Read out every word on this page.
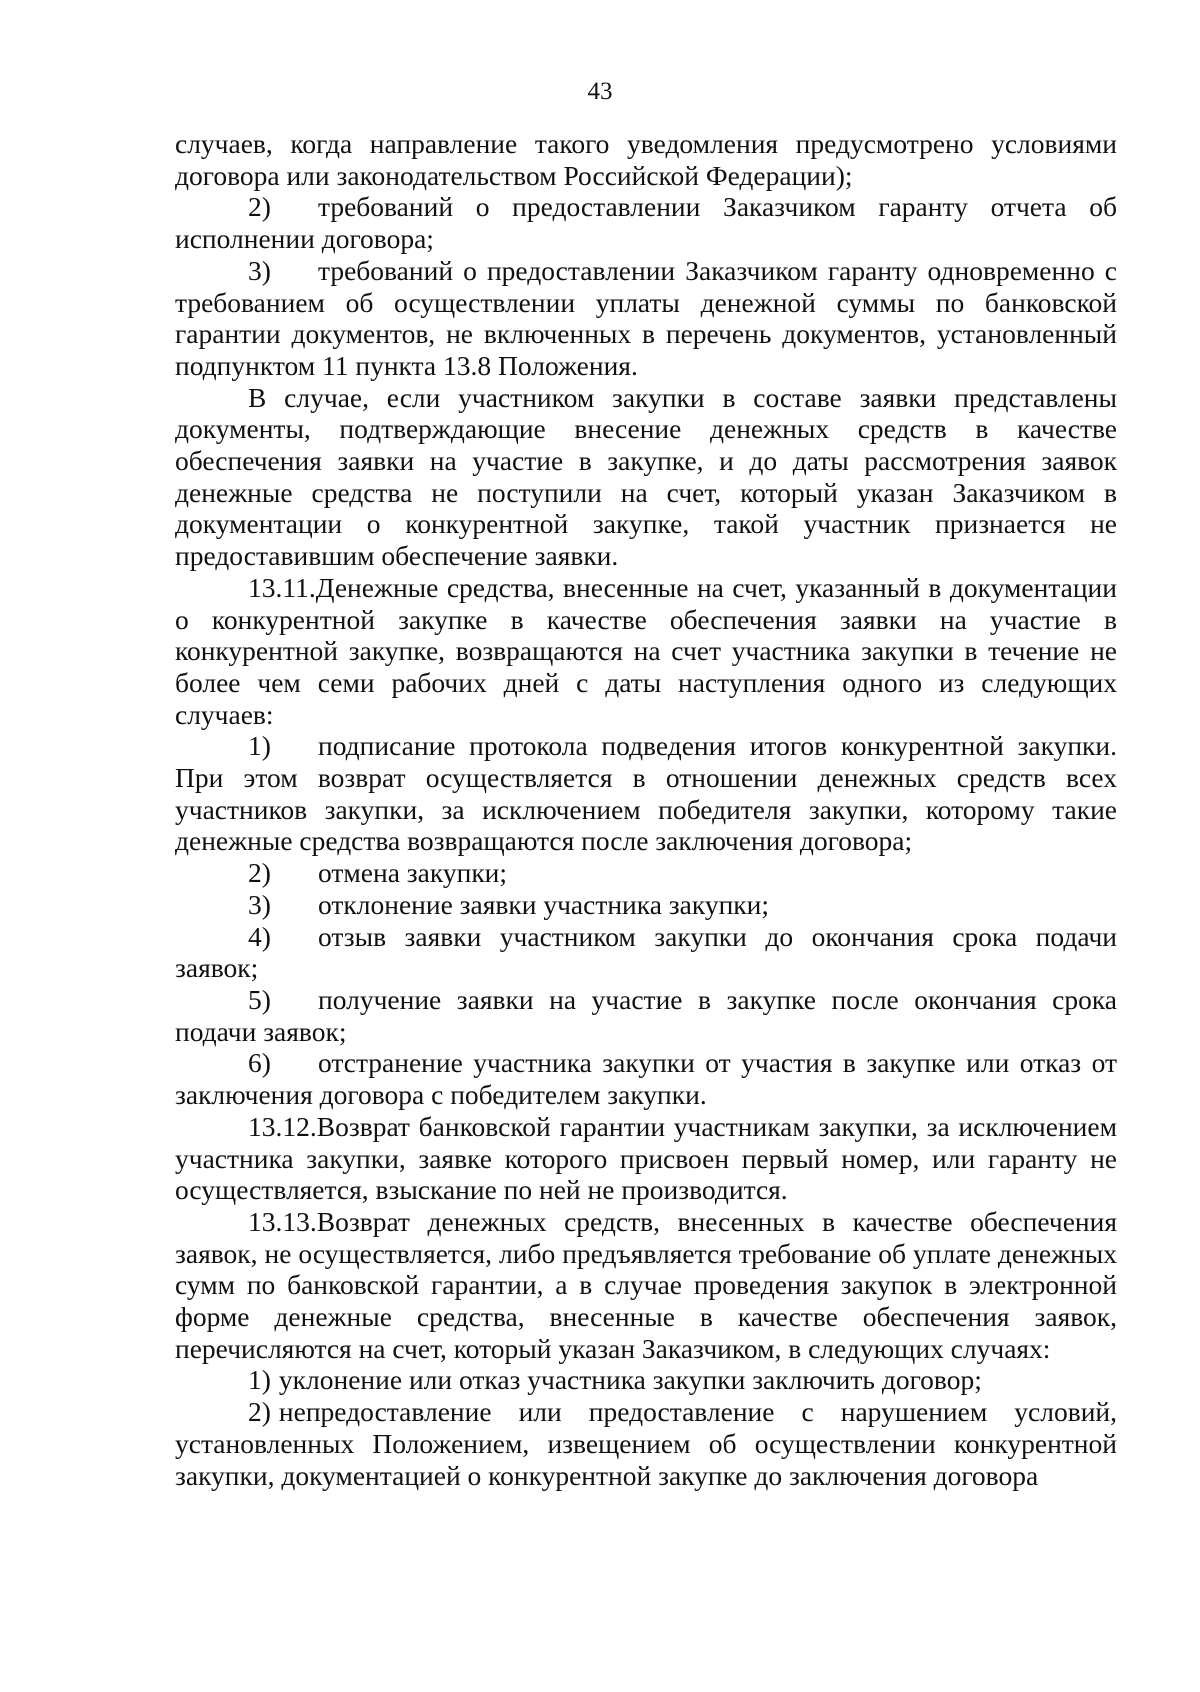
43

случаев, когда направление такого уведомления предусмотрено условиями договора или законодательством Российской Федерации);

2) требований о предоставлении Заказчиком гаранту отчета об исполнении договора;

3) требований о предоставлении Заказчиком гаранту одновременно с требованием об осуществлении уплаты денежной суммы по банковской гарантии документов, не включенных в перечень документов, установленный подпунктом 11 пункта 13.8 Положения.

В случае, если участником закупки в составе заявки представлены документы, подтверждающие внесение денежных средств в качестве обеспечения заявки на участие в закупке, и до даты рассмотрения заявок денежные средства не поступили на счет, который указан Заказчиком в документации о конкурентной закупке, такой участник признается не предоставившим обеспечение заявки.

13.11.Денежные средства, внесенные на счет, указанный в документации о конкурентной закупке в качестве обеспечения заявки на участие в конкурентной закупке, возвращаются на счет участника закупки в течение не более чем семи рабочих дней с даты наступления одного из следующих случаев:

1) подписание протокола подведения итогов конкурентной закупки. При этом возврат осуществляется в отношении денежных средств всех участников закупки, за исключением победителя закупки, которому такие денежные средства возвращаются после заключения договора;

2) отмена закупки;

3) отклонение заявки участника закупки;

4) отзыв заявки участником закупки до окончания срока подачи заявок;

5) получение заявки на участие в закупке после окончания срока подачи заявок;

6) отстранение участника закупки от участия в закупке или отказ от заключения договора с победителем закупки.

13.12.Возврат банковской гарантии участникам закупки, за исключением участника закупки, заявке которого присвоен первый номер, или гаранту не осуществляется, взыскание по ней не производится.

13.13.Возврат денежных средств, внесенных в качестве обеспечения заявок, не осуществляется, либо предъявляется требование об уплате денежных сумм по банковской гарантии, а в случае проведения закупок в электронной форме денежные средства, внесенные в качестве обеспечения заявок, перечисляются на счет, который указан Заказчиком, в следующих случаях:

1) уклонение или отказ участника закупки заключить договор;

2) непредоставление или предоставление с нарушением условий, установленных Положением, извещением об осуществлении конкурентной закупки, документацией о конкурентной закупке до заключения договора
